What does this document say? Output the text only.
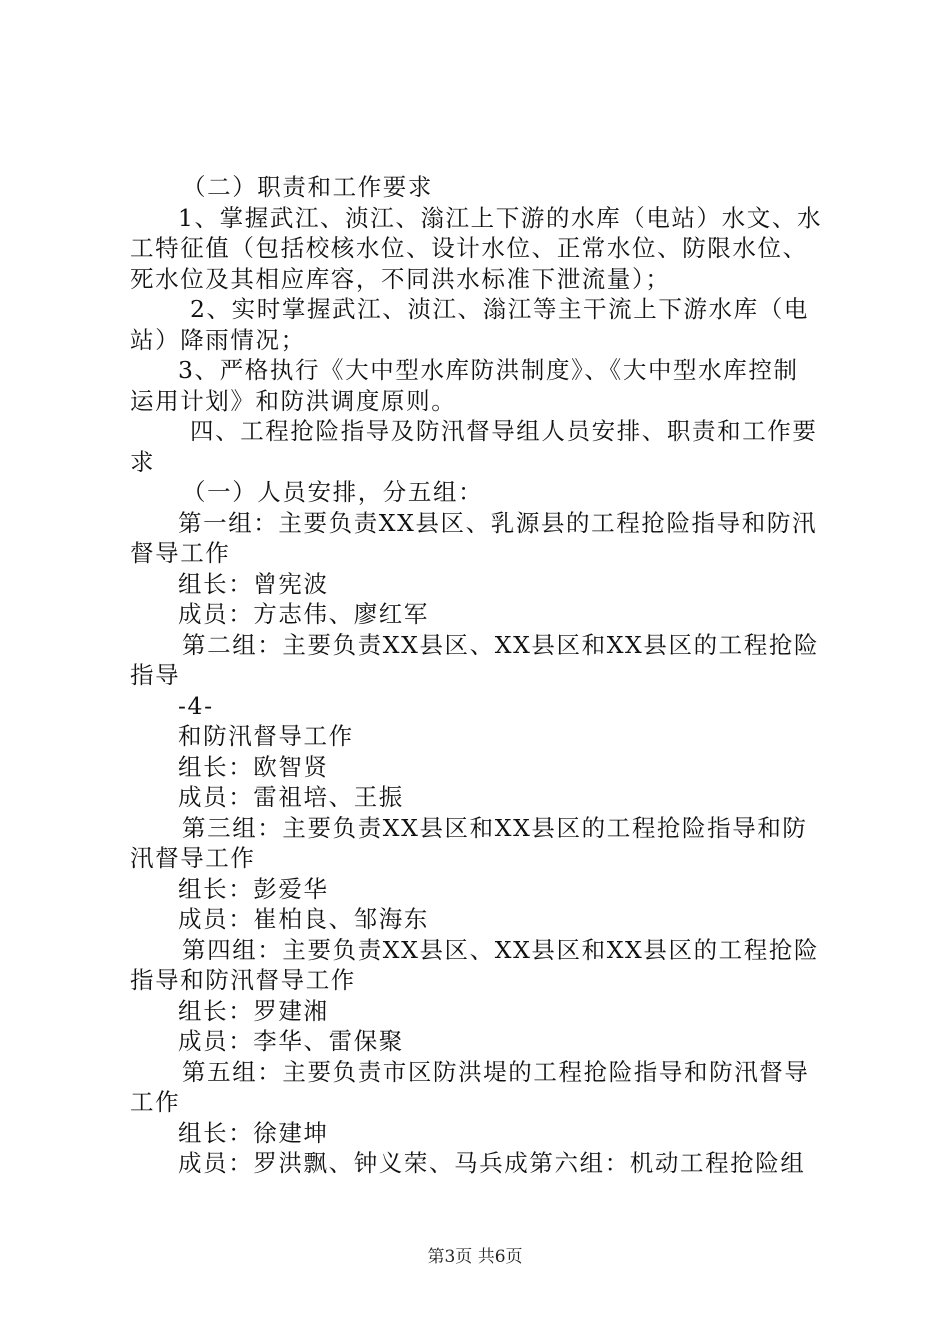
（二）职责和工作要求
1、掌握武江、浈江、滃江上下游的水库（电站）水文、水
工特征值（包括校核水位、设计水位、正常水位、防限水位、
死水位及其相应库容，不同洪水标准下泄流量）；
2、实时掌握武江、浈江、滃江等主干流上下游水库（电
站）降雨情况；
3、严格执行《大中型水库防洪制度》、《大中型水库控制
运用计划》和防洪调度原则。
四、工程抢险指导及防汛督导组人员安排、职责和工作要
求
（一）人员安排，分五组：
第一组：主要负责XX县区、乳源县的工程抢险指导和防汛
督导工作
组长：曾宪波
成员：方志伟、廖红军
第二组：主要负责XX县区、XX县区和XX县区的工程抢险
指导
-4-
和防汛督导工作
组长：欧智贤
成员：雷祖培、王振
第三组：主要负责XX县区和XX县区的工程抢险指导和防
汛督导工作
组长：彭爱华
成员：崔柏良、邹海东
第四组：主要负责XX县区、XX县区和XX县区的工程抢险
指导和防汛督导工作
组长：罗建湘
成员：李华、雷保聚
第五组：主要负责市区防洪堤的工程抢险指导和防汛督导
工作
组长：徐建坤
成员：罗洪飘、钟义荣、马兵成第六组：机动工程抢险组
第3页 共6页
